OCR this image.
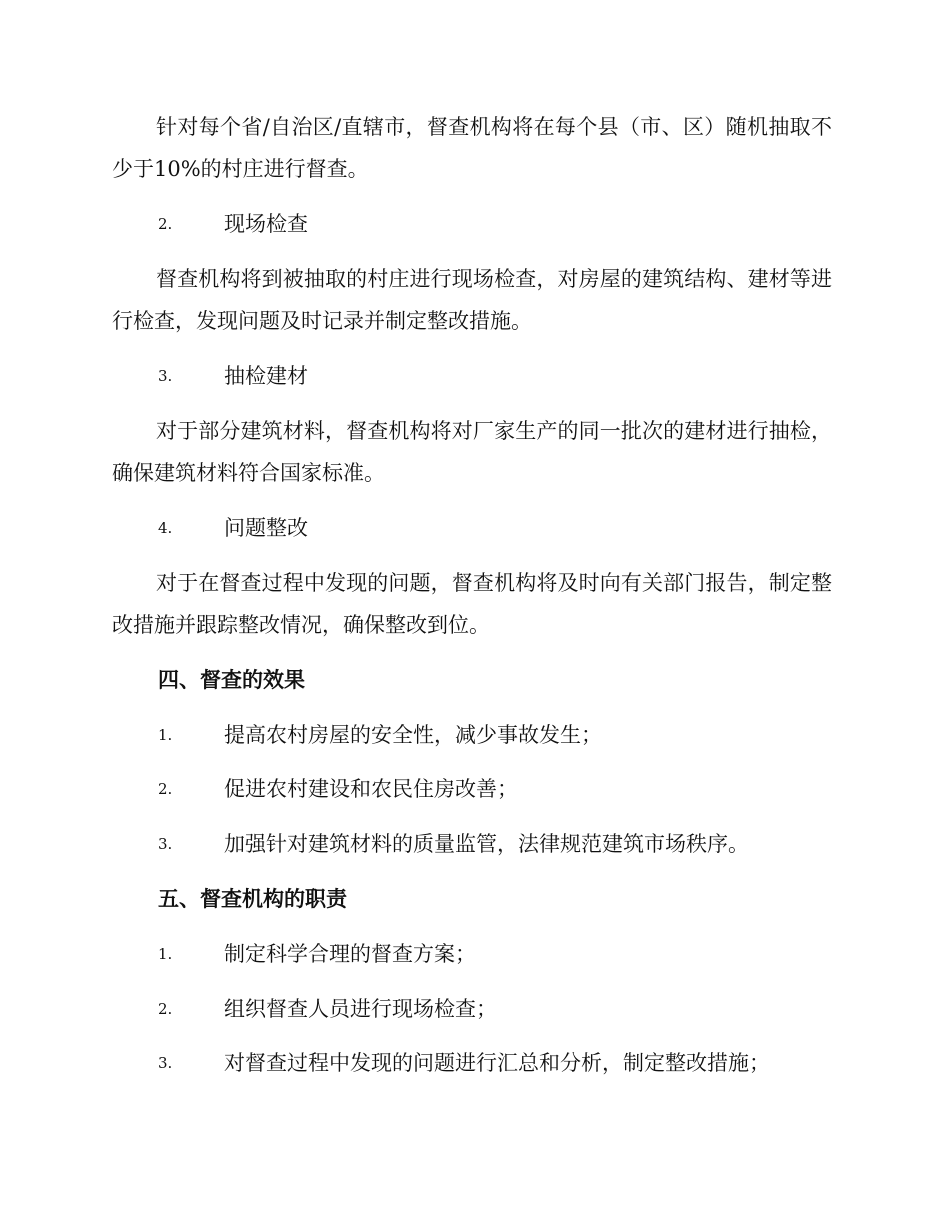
针对每个省/自治区/直辖市，督查机构将在每个县（市、区）随机抽取不少于10%的村庄进行督查。

2. 现场检查

督查机构将到被抽取的村庄进行现场检查，对房屋的建筑结构、建材等进行检查，发现问题及时记录并制定整改措施。

3. 抽检建材

对于部分建筑材料，督查机构将对厂家生产的同一批次的建材进行抽检，确保建筑材料符合国家标准。

4. 问题整改

对于在督查过程中发现的问题，督查机构将及时向有关部门报告，制定整改措施并跟踪整改情况，确保整改到位。

四、督查的效果
1. 提高农村房屋的安全性，减少事故发生；
2. 促进农村建设和农民住房改善；
3. 加强针对建筑材料的质量监管，法律规范建筑市场秩序。
五、督查机构的职责
1. 制定科学合理的督查方案；
2. 组织督查人员进行现场检查；
3. 对督查过程中发现的问题进行汇总和分析，制定整改措施；
